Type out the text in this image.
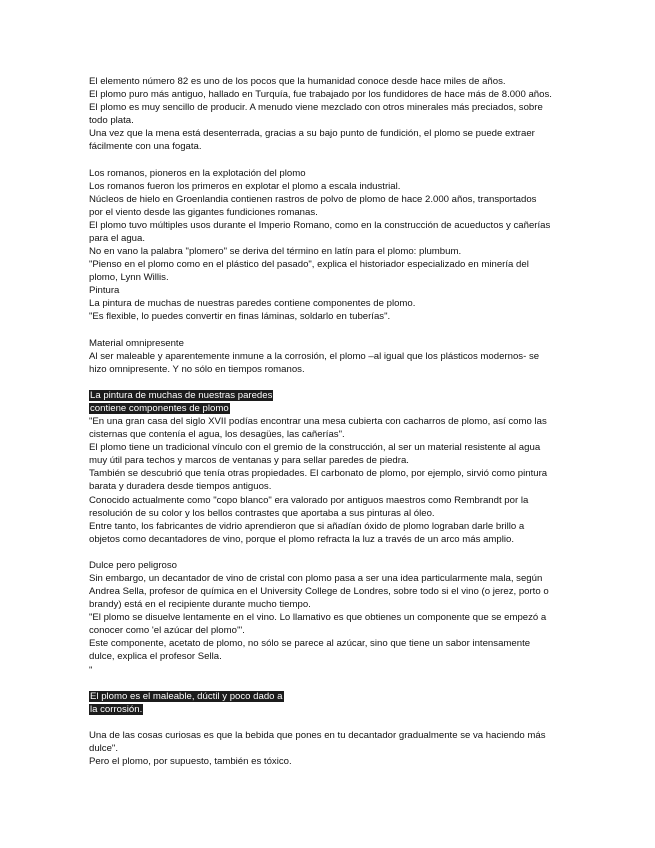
El elemento número 82 es uno de los pocos que la humanidad conoce desde hace miles de años.
El plomo puro más antiguo, hallado en Turquía, fue trabajado por los fundidores de hace más de 8.000 años.
El plomo es muy sencillo de producir. A menudo viene mezclado con otros minerales más preciados, sobre
todo plata.
Una vez que la mena está desenterrada, gracias a su bajo punto de fundición, el plomo se puede extraer
fácilmente con una fogata.
Los romanos, pioneros en la explotación del plomo
Los romanos fueron los primeros en explotar el plomo a escala industrial.
Núcleos de hielo en Groenlandia contienen rastros de polvo de plomo de hace 2.000 años, transportados
por el viento desde las gigantes fundiciones romanas.
El plomo tuvo múltiples usos durante el Imperio Romano, como en la construcción de acueductos y cañerías
para el agua.
No en vano la palabra "plomero" se deriva del término en latín para el plomo: plumbum.
"Pienso en el plomo como en el plástico del pasado", explica el historiador especializado en minería del
plomo, Lynn Willis.
Pintura
La pintura de muchas de nuestras paredes contiene componentes de plomo.
"Es flexible, lo puedes convertir en finas láminas, soldarlo en tuberías".
Material omnipresente
Al ser maleable y aparentemente inmune a la corrosión, el plomo –al igual que los plásticos modernos- se
hizo omnipresente. Y no sólo en tiempos romanos.
La pintura de muchas de nuestras paredes
contiene componentes de plomo
"En una gran casa del siglo XVII podías encontrar una mesa cubierta con cacharros de plomo, así como las
cisternas que contenía el agua, los desagües, las cañerías".
El plomo tiene un tradicional vínculo con el gremio de la construcción, al ser un material resistente al agua
muy útil para techos y marcos de ventanas y para sellar paredes de piedra.
También se descubrió que tenía otras propiedades. El carbonato de plomo, por ejemplo, sirvió como pintura
barata y duradera desde tiempos antiguos.
Conocido actualmente como "copo blanco" era valorado por antiguos maestros como Rembrandt por la
resolución de su color y los bellos contrastes que aportaba a sus pinturas al óleo.
Entre tanto, los fabricantes de vidrio aprendieron que si añadían óxido de plomo lograban darle brillo a
objetos como decantadores de vino, porque el plomo refracta la luz a través de un arco más amplio.
Dulce pero peligroso
Sin embargo, un decantador de vino de cristal con plomo pasa a ser una idea particularmente mala, según
Andrea Sella, profesor de química en el University College de Londres, sobre todo si el vino (o jerez, porto o
brandy) está en el recipiente durante mucho tiempo.
"El plomo se disuelve lentamente en el vino. Lo llamativo es que obtienes un componente que se empezó a
conocer como 'el azúcar del plomo'".
Este componente, acetato de plomo, no sólo se parece al azúcar, sino que tiene un sabor intensamente
dulce, explica el profesor Sella.
"
El plomo es el maleable, dúctil y poco dado a
la corrosión.
Una de las cosas curiosas es que la bebida que pones en tu decantador gradualmente se va haciendo más
dulce".
Pero el plomo, por supuesto, también es tóxico.
